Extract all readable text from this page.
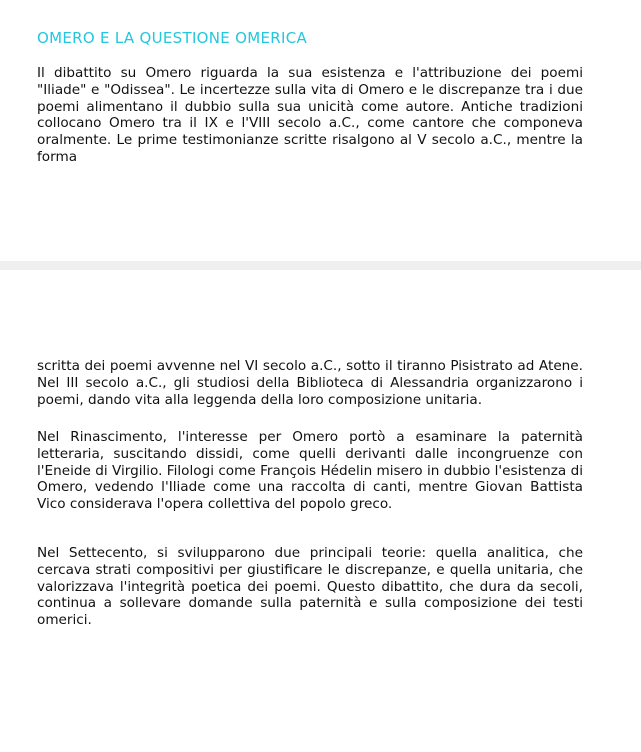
OMERO E LA QUESTIONE OMERICA

Il dibattito su Omero riguarda la sua esistenza e l'attribuzione dei poemi "Iliade" e "Odissea". Le incertezze sulla vita di Omero e le discrepanze tra i due poemi alimentano il dubbio sulla sua unicità come autore. Antiche tradizioni collocano Omero tra il IX e l'VIII secolo a.C., come cantore che componeva oralmente. Le prime testimonianze scritte risalgono al V secolo a.C., mentre la forma

scritta dei poemi avvenne nel VI secolo a.C., sotto il tiranno Pisistrato ad Atene. Nel III secolo a.C., gli studiosi della Biblioteca di Alessandria organizzarono i poemi, dando vita alla leggenda della loro composizione unitaria.

Nel Rinascimento, l'interesse per Omero portò a esaminare la paternità letteraria, suscitando dissidi, come quelli derivanti dalle incongruenze con l'Eneide di Virgilio. Filologi come François Hédelin misero in dubbio l'esistenza di Omero, vedendo l'Iliade come una raccolta di canti, mentre Giovan Battista Vico considerava l'opera collettiva del popolo greco.

Nel Settecento, si svilupparono due principali teorie: quella analitica, che cercava strati compositivi per giustificare le discrepanze, e quella unitaria, che valorizzava l'integrità poetica dei poemi. Questo dibattito, che dura da secoli, continua a sollevare domande sulla paternità e sulla composizione dei testi omerici.
